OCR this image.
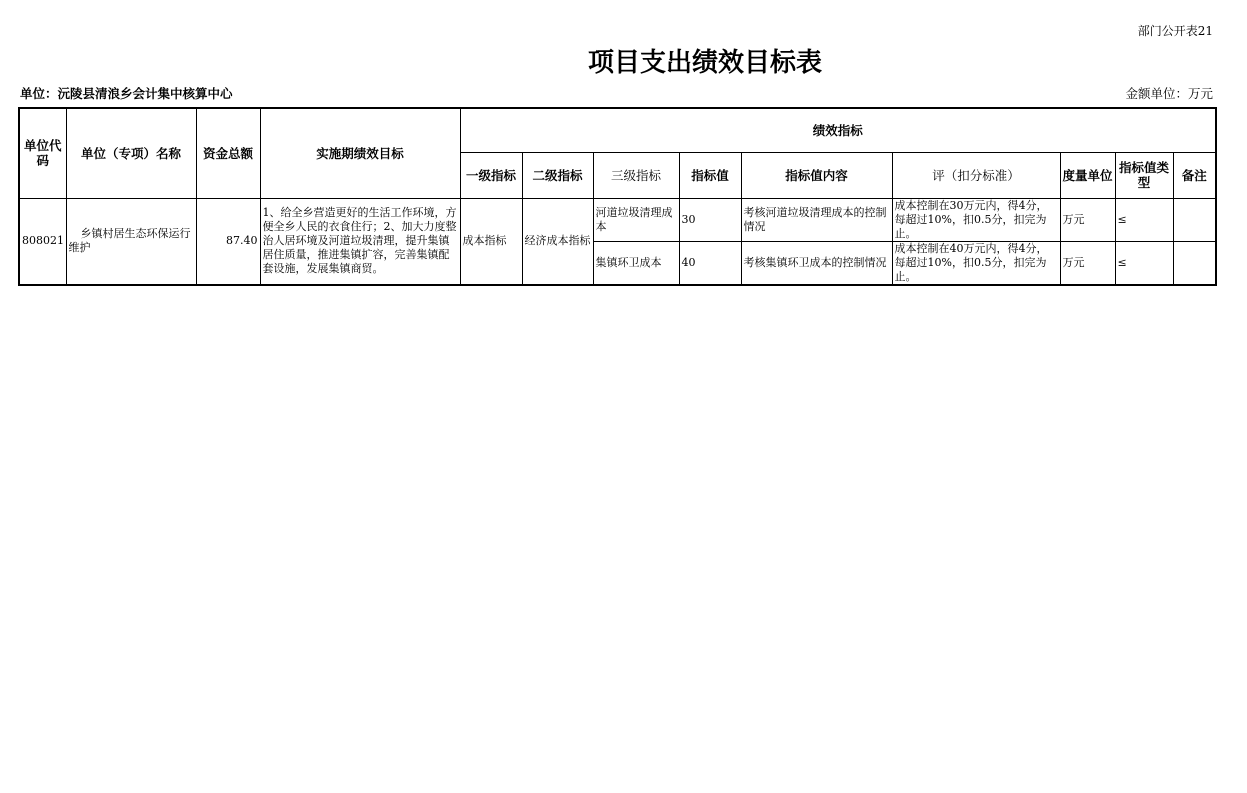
部门公开表21
项目支出绩效目标表
单位：沅陵县清浪乡会计集中核算中心	金额单位：万元
单位代码	单位（专项）名称	资金总额	实施期绩效目标	绩效指标								
				一级指标	二级指标	三级指标	指标值	指标值内容	评（扣分标准）	度量单位	指标值类型	备注
808021	乡镇村居生态环保运行维护	87.40	1、给全乡营造更好的生活工作环境，方便全乡人民的衣食住行；2、加大力度整治人居环境及河道垃圾清理，提升集镇居住质量，推进集镇扩容，完善集镇配套设施，发展集镇商贸。	成本指标	经济成本指标	河道垃圾清理成本	30	考核河道垃圾清理成本的控制情况	成本控制在30万元内，得4分，每超过10%，扣0.5分，扣完为止。	万元	≤	
						集镇环卫成本	40	考核集镇环卫成本的控制情况	成本控制在40万元内，得4分，每超过10%，扣0.5分，扣完为止。	万元	≤	
